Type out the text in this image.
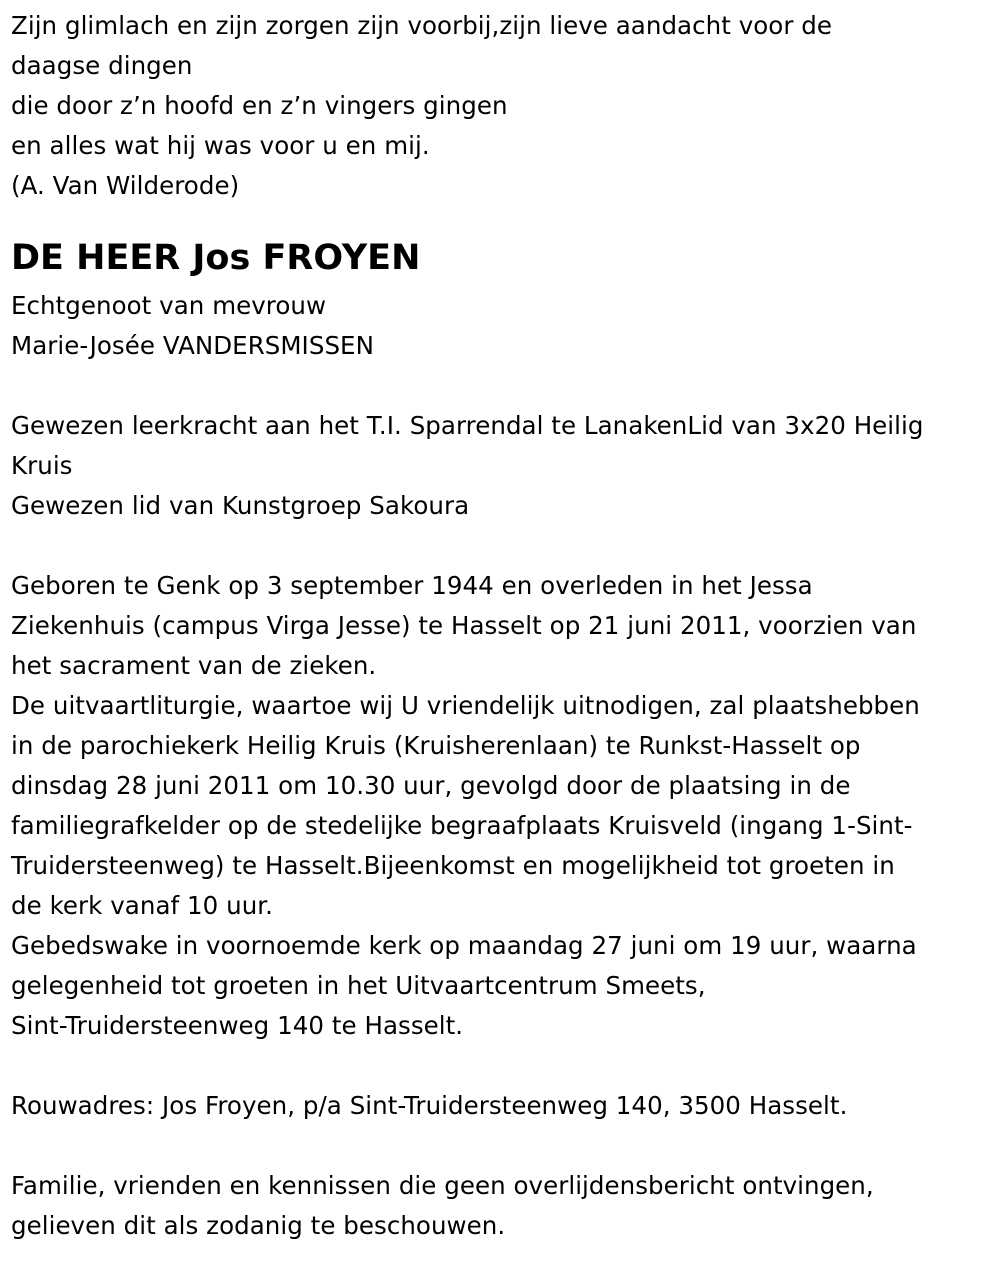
Zijn glimlach en zijn zorgen zijn voorbij,zijn lieve aandacht voor de
daagse dingen
die door z’n hoofd en z’n vingers gingen
en alles wat hij was voor u en mij.
(A. Van Wilderode)
DE HEER Jos FROYEN
Echtgenoot van mevrouw
Marie-Josée VANDERSMISSEN
Gewezen leerkracht aan het T.I. Sparrendal te LanakenLid van 3x20 Heilig
Kruis
Gewezen lid van Kunstgroep Sakoura
Geboren te Genk op 3 september 1944 en overleden in het Jessa
Ziekenhuis (campus Virga Jesse) te Hasselt op 21 juni 2011, voorzien van
het sacrament van de zieken.
De uitvaartliturgie, waartoe wij U vriendelijk uitnodigen, zal plaatshebben
in de parochiekerk Heilig Kruis (Kruisherenlaan) te Runkst-Hasselt op
dinsdag 28 juni 2011 om 10.30 uur, gevolgd door de plaatsing in de
familiegrafkelder op de stedelijke begraafplaats Kruisveld (ingang 1-Sint-
Truidersteenweg) te Hasselt.Bijeenkomst en mogelijkheid tot groeten in
de kerk vanaf 10 uur.
Gebedswake in voornoemde kerk op maandag 27 juni om 19 uur, waarna
gelegenheid tot groeten in het Uitvaartcentrum Smeets,
Sint-Truidersteenweg 140 te Hasselt.
Rouwadres: Jos Froyen, p/a Sint-Truidersteenweg 140, 3500 Hasselt.
Familie, vrienden en kennissen die geen overlijdensbericht ontvingen,
gelieven dit als zodanig te beschouwen.
